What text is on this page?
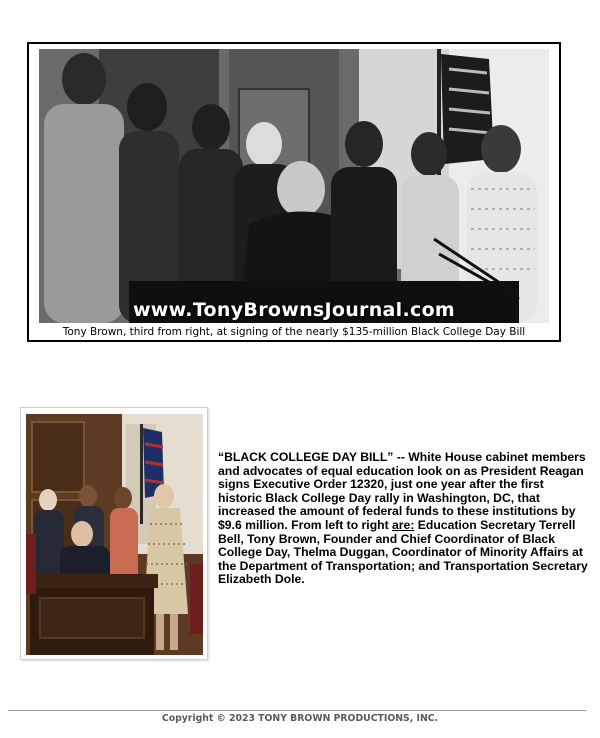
www.TonyBrownsJournal.com
Tony Brown, third from right, at signing of the nearly $135-million Black College Day Bill
“BLACK COLLEGE DAY BILL” -- White House cabinet members and advocates of equal education look on as President Reagan signs Executive Order 12320, just one year after the first historic Black College Day rally in Washington, DC, that increased the amount of federal funds to these institutions by $9.6 million. From left to right are: Education Secretary Terrell Bell, Tony Brown, Founder and Chief Coordinator of Black College Day, Thelma Duggan, Coordinator of Minority Affairs at the Department of Transportation; and Transportation Secretary Elizabeth Dole.
Copyright © 2023 TONY BROWN PRODUCTIONS, INC.
